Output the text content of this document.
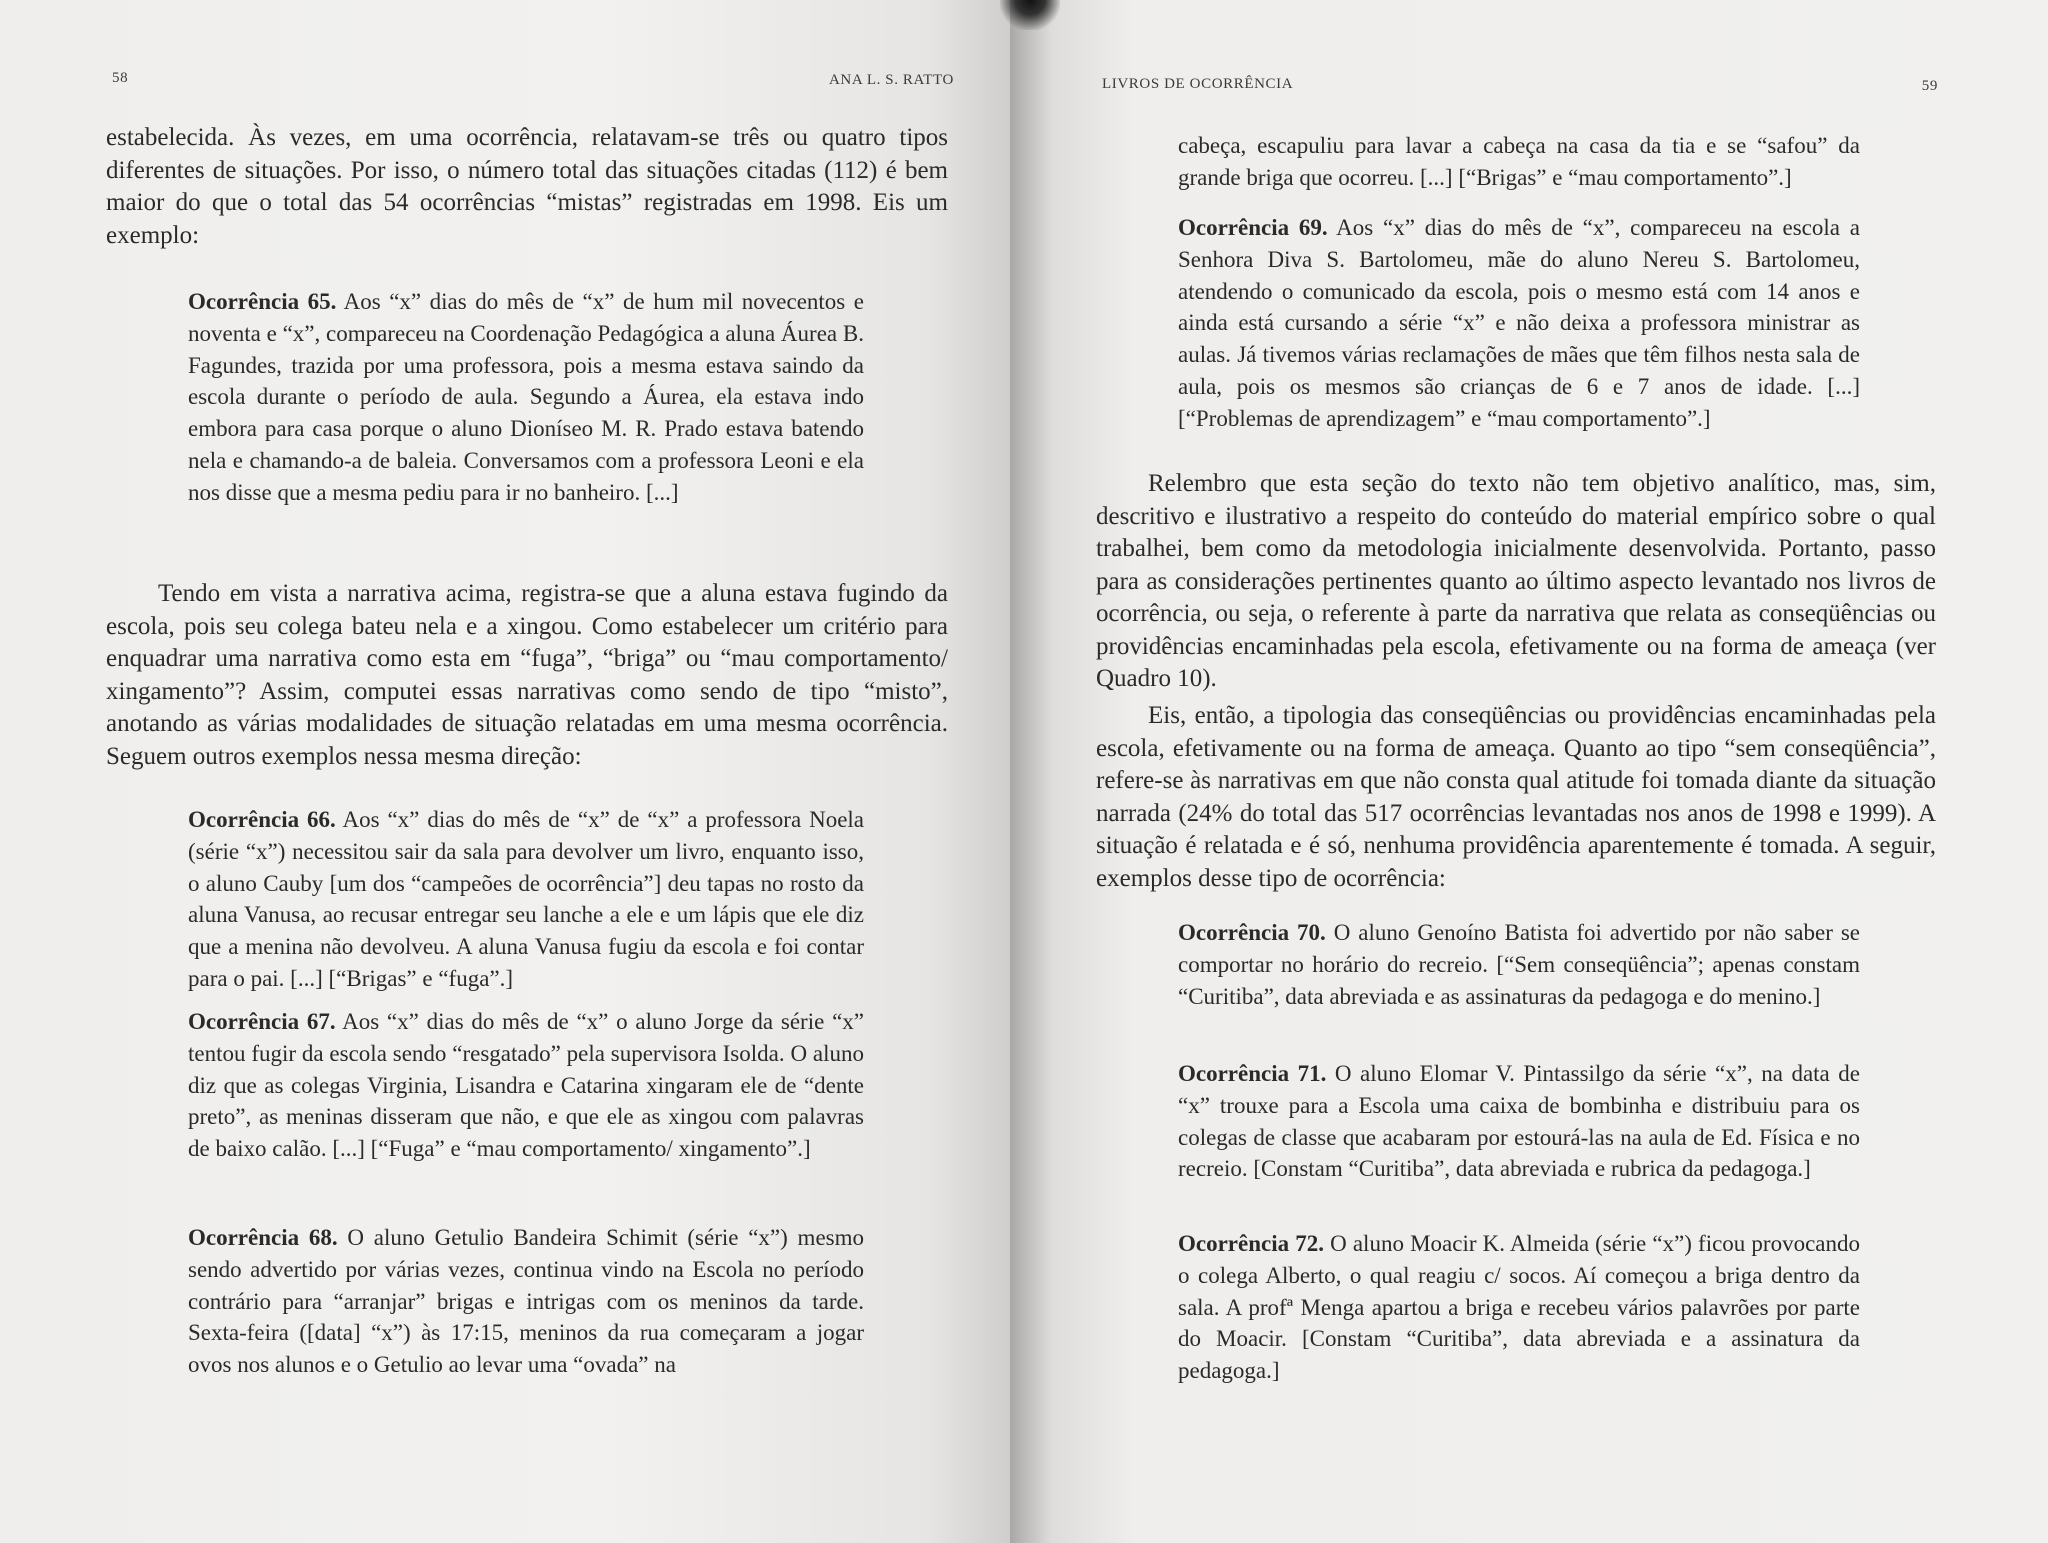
58	ANA L. S. RATTO
estabelecida. Às vezes, em uma ocorrência, relatavam-se três ou quatro tipos diferentes de situações. Por isso, o número total das situações citadas (112) é bem maior do que o total das 54 ocorrências “mistas” registradas em 1998. Eis um exemplo:
Ocorrência 65. Aos “x” dias do mês de “x” de hum mil novecentos e noventa e “x”, compareceu na Coordenação Pedagógica a aluna Áurea B. Fagundes, trazida por uma professora, pois a mesma estava saindo da escola durante o período de aula. Segundo a Áurea, ela estava indo embora para casa porque o aluno Dioníseo M. R. Prado estava batendo nela e chamando-a de baleia. Conversamos com a professora Leoni e ela nos disse que a mesma pediu para ir no banheiro. [...]
Tendo em vista a narrativa acima, registra-se que a aluna estava fugindo da escola, pois seu colega bateu nela e a xingou. Como estabelecer um critério para enquadrar uma narrativa como esta em “fuga”, “briga” ou “mau comportamento/ xingamento”? Assim, computei essas narrativas como sendo de tipo “misto”, anotando as várias modalidades de situação relatadas em uma mesma ocorrência. Seguem outros exemplos nessa mesma direção:
Ocorrência 66. Aos “x” dias do mês de “x” de “x” a professora Noela (série “x”) necessitou sair da sala para devolver um livro, enquanto isso, o aluno Cauby [um dos “campeões de ocorrência”] deu tapas no rosto da aluna Vanusa, ao recusar entregar seu lanche a ele e um lápis que ele diz que a menina não devolveu. A aluna Vanusa fugiu da escola e foi contar para o pai. [...] [“Brigas” e “fuga”.]
Ocorrência 67. Aos “x” dias do mês de “x” o aluno Jorge da série “x” tentou fugir da escola sendo “resgatado” pela supervisora Isolda. O aluno diz que as colegas Virginia, Lisandra e Catarina xingaram ele de “dente preto”, as meninas disseram que não, e que ele as xingou com palavras de baixo calão. [...] [“Fuga” e “mau comportamento/ xingamento”.]
Ocorrência 68. O aluno Getulio Bandeira Schimit (série “x”) mesmo sendo advertido por várias vezes, continua vindo na Escola no período contrário para “arranjar” brigas e intrigas com os meninos da tarde. Sexta-feira ([data] “x”) às 17:15, meninos da rua começaram a jogar ovos nos alunos e o Getulio ao levar uma “ovada” na
LIVROS DE OCORRÊNCIA	59
cabeça, escapuliu para lavar a cabeça na casa da tia e se “safou” da grande briga que ocorreu. [...] [“Brigas” e “mau comportamento”.]
Ocorrência 69. Aos “x” dias do mês de “x”, compareceu na escola a Senhora Diva S. Bartolomeu, mãe do aluno Nereu S. Bartolomeu, atendendo o comunicado da escola, pois o mesmo está com 14 anos e ainda está cursando a série “x” e não deixa a professora ministrar as aulas. Já tivemos várias reclamações de mães que têm filhos nesta sala de aula, pois os mesmos são crianças de 6 e 7 anos de idade. [...] [“Problemas de aprendizagem” e “mau comportamento”.]

Relembro que esta seção do texto não tem objetivo analítico, mas, sim, descritivo e ilustrativo a respeito do conteúdo do material empírico sobre o qual trabalhei, bem como da metodologia inicialmente desenvolvida. Portanto, passo para as considerações pertinentes quanto ao último aspecto levantado nos livros de ocorrência, ou seja, o referente à parte da narrativa que relata as conseqüências ou providências encaminhadas pela escola, efetivamente ou na forma de ameaça (ver Quadro 10).

Eis, então, a tipologia das conseqüências ou providências encaminhadas pela escola, efetivamente ou na forma de ameaça. Quanto ao tipo “sem conseqüência”, refere-se às narrativas em que não consta qual atitude foi tomada diante da situação narrada (24% do total das 517 ocorrências levantadas nos anos de 1998 e 1999). A situação é relatada e é só, nenhuma providência aparentemente é tomada. A seguir, exemplos desse tipo de ocorrência:

Ocorrência 70. O aluno Genoíno Batista foi advertido por não saber se comportar no horário do recreio. [“Sem conseqüência”; apenas constam “Curitiba”, data abreviada e as assinaturas da pedagoga e do menino.]
Ocorrência 71. O aluno Elomar V. Pintassilgo da série “x”, na data de “x” trouxe para a Escola uma caixa de bombinha e distribuiu para os colegas de classe que acabaram por estourá-las na aula de Ed. Física e no recreio. [Constam “Curitiba”, data abreviada e rubrica da pedagoga.]
Ocorrência 72. O aluno Moacir K. Almeida (série “x”) ficou provocando o colega Alberto, o qual reagiu c/ socos. Aí começou a briga dentro da sala. A profª Menga apartou a briga e recebeu vários palavrões por parte do Moacir. [Constam “Curitiba”, data abreviada e a assinatura da pedagoga.]
